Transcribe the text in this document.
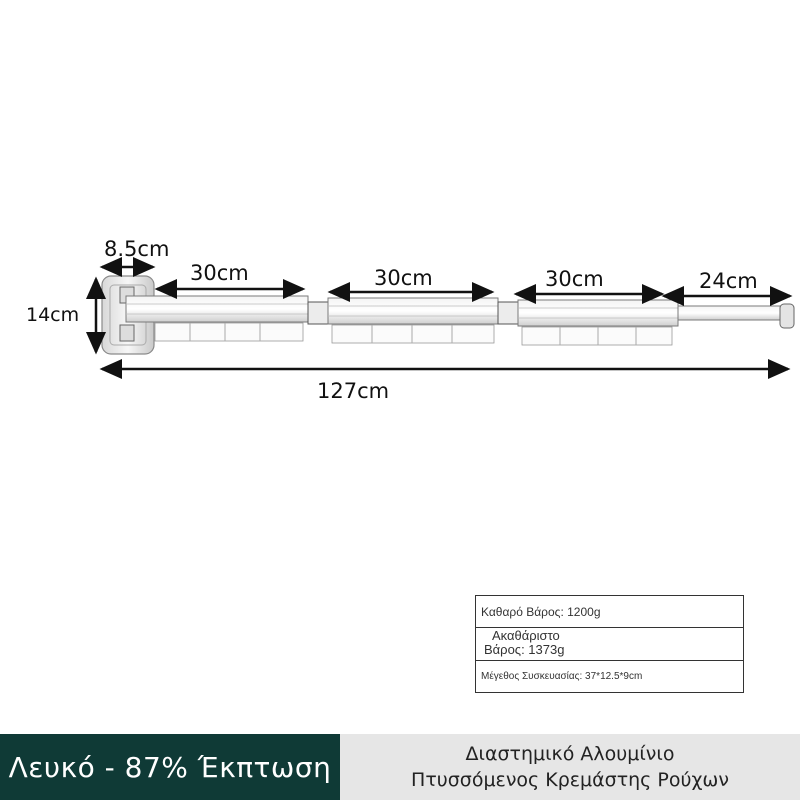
8.5cm
14cm
30cm	30cm	30cm	24cm
127cm
Καθαρό Βάρος: 1200g
Ακαθάριστο
Βάρος: 1373g
Μέγεθος Συσκευασίας: 37*12.5*9cm
Λευκό - 87% Έκπτωση	Διαστημικό Αλουμίνιο
Πτυσσόμενος Κρεμάστης Ρούχων
